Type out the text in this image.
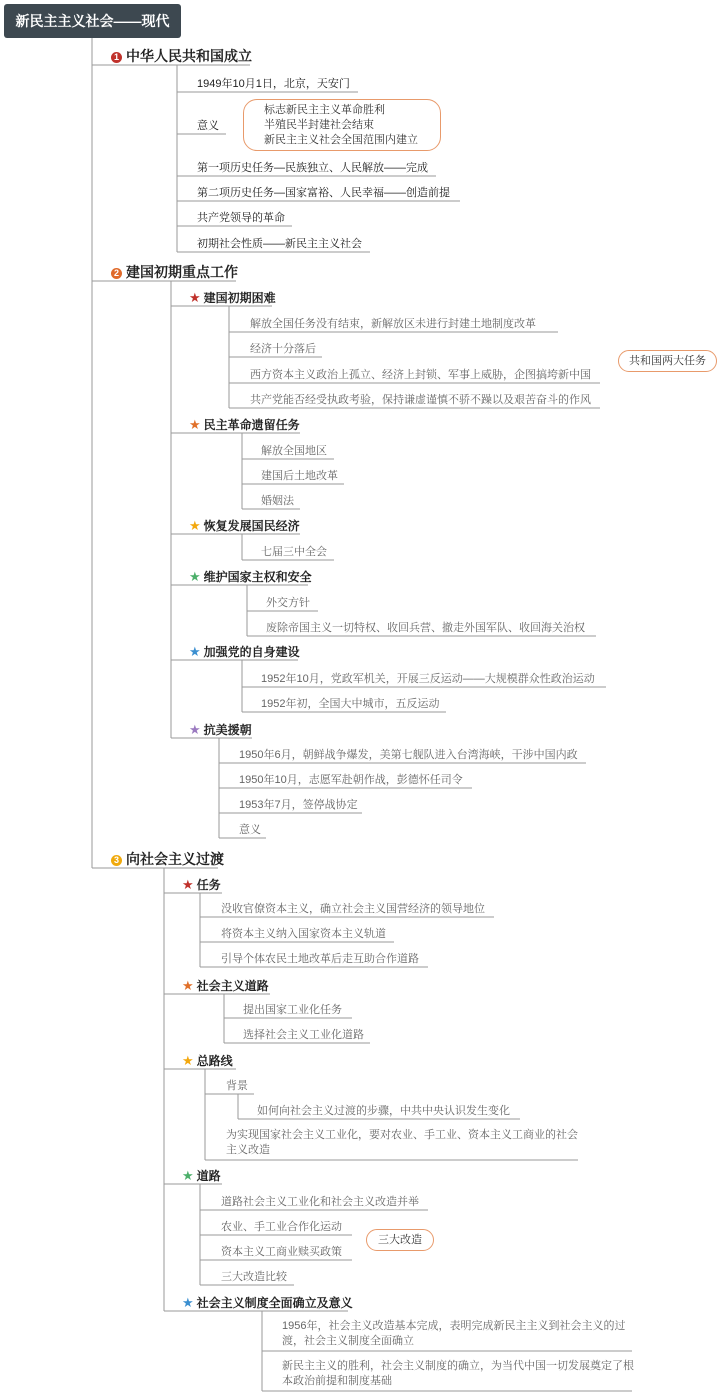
新民主主义社会——现代
1 中华人民共和国成立
1949年10月1日，北京，天安门
意义
标志新民主主义革命胜利
半殖民半封建社会结束
新民主主义社会全国范围内建立
第一项历史任务—民族独立、人民解放——完成
第二项历史任务—国家富裕、人民幸福——创造前提
共产党领导的革命
初期社会性质——新民主主义社会
2 建国初期重点工作
★ 建国初期困难
解放全国任务没有结束，新解放区未进行封建土地制度改革
经济十分落后
西方资本主义政治上孤立、经济上封锁、军事上威胁，企图搞垮新中国
共产党能否经受执政考验，保持谦虚谨慎不骄不躁以及艰苦奋斗的作风
共和国两大任务
★ 民主革命遗留任务
解放全国地区
建国后土地改革
婚姻法
★ 恢复发展国民经济
七届三中全会
★ 维护国家主权和安全
外交方针
废除帝国主义一切特权、收回兵营、撤走外国军队、收回海关治权
★ 加强党的自身建设
1952年10月，党政军机关，开展三反运动——大规模群众性政治运动
1952年初，全国大中城市，五反运动
★ 抗美援朝
1950年6月，朝鲜战争爆发，美第七舰队进入台湾海峡，干涉中国内政
1950年10月，志愿军赴朝作战，彭德怀任司令
1953年7月，签停战协定
意义
3 向社会主义过渡
★ 任务
没收官僚资本主义，确立社会主义国营经济的领导地位
将资本主义纳入国家资本主义轨道
引导个体农民土地改革后走互助合作道路
★ 社会主义道路
提出国家工业化任务
选择社会主义工业化道路
★ 总路线
背景
如何向社会主义过渡的步骤，中共中央认识发生变化
为实现国家社会主义工业化，要对农业、手工业、资本主义工商业的社会主义改造
★ 道路
道路社会主义工业化和社会主义改造并举
农业、手工业合作化运动
资本主义工商业赎买政策
三大改造比较
三大改造
★ 社会主义制度全面确立及意义
1956年，社会主义改造基本完成，表明完成新民主主义到社会主义的过渡，社会主义制度全面确立
新民主主义的胜利，社会主义制度的确立，为当代中国一切发展奠定了根本政治前提和制度基础
